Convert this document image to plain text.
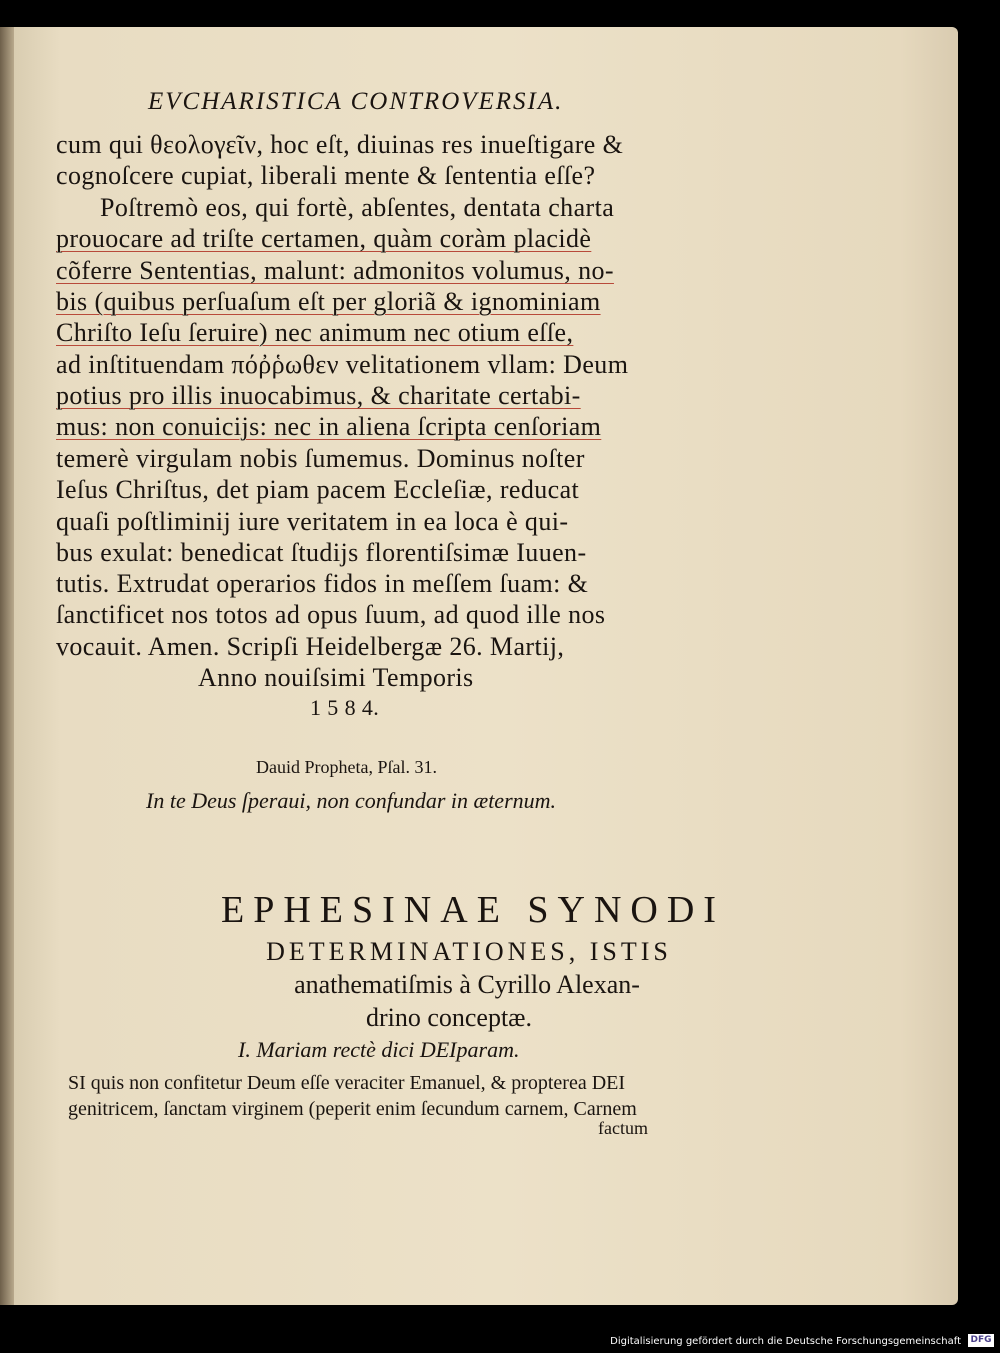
EVCHARISTICA CONTROVERSIA.
cum qui θεολογεῖν, hoc eſt, diuinas res inueſtigare &
cognoſcere cupiat, liberali mente & ſententia eſſe?
Poſtremò eos, qui fortè, abſentes, dentata charta
prouocare ad triſte certamen, quàm coràm placidè
cõferre Sententias, malunt: admonitos volumus, no-
bis (quibus perſuaſum eſt per gloriã & ignominiam
Chriſto Ieſu ſeruire) nec animum nec otium eſſe,
ad inſtituendam πόῤῥωθεν velitationem vllam: Deum
potius pro illis inuocabimus, & charitate certabi-
mus: non conuicijs: nec in aliena ſcripta cenſoriam
temerè virgulam nobis ſumemus. Dominus noſter
Ieſus Chriſtus, det piam pacem Eccleſiæ, reducat
quaſi poſtliminij iure veritatem in ea loca è qui-
bus exulat: benedicat ſtudijs florentiſsimæ Iuuen-
tutis. Extrudat operarios fidos in meſſem ſuam: &
ſanctificet nos totos ad opus ſuum, ad quod ille nos
vocauit. Amen. Scripſi Heidelbergæ 26. Martij,
Anno nouiſsimi Temporis
1 5 8 4.
Dauid Propheta, Pſal. 31.
In te Deus ſperaui, non confundar in æternum.
EPHESINAE SYNODI
DETERMINATIONES, ISTIS
anathematiſmis à Cyrillo Alexan-
drino conceptæ.
I. Mariam rectè dici DEIparam.
SI quis non confitetur Deum eſſe veraciter Emanuel, & propterea DEI
genitricem, ſanctam virginem (peperit enim ſecundum carnem, Carnem
factum
Digitalisierung gefördert durch die Deutsche Forschungsgemeinschaft	DFG
